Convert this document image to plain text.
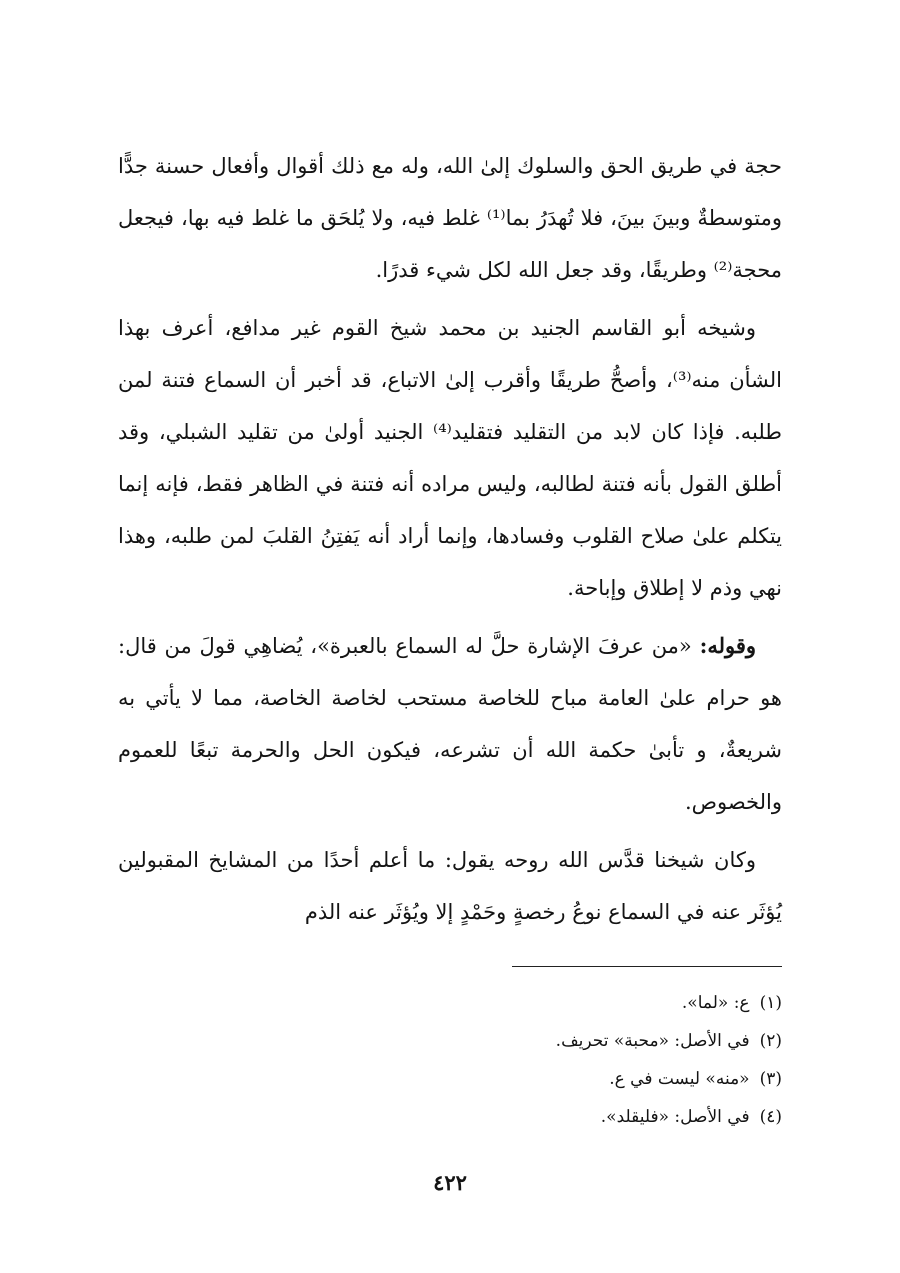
حجة في طريق الحق والسلوك إلىٰ الله، وله مع ذلك أقوال وأفعال حسنة جدًّا ومتوسطةٌ وبينَ بينَ، فلا تُهدَرُ بما⁽¹⁾ غلط فيه، ولا يُلحَق ما غلط فيه بها، فيجعل محجة⁽²⁾ وطريقًا، وقد جعل الله لكل شيء قدرًا.

وشيخه أبو القاسم الجنيد بن محمد شيخ القوم غير مدافع، أعرف بهذا الشأن منه⁽³⁾، وأصحُّ طريقًا وأقرب إلىٰ الاتباع، قد أخبر أن السماع فتنة لمن طلبه. فإذا كان لابد من التقليد فتقليد⁽⁴⁾ الجنيد أولىٰ من تقليد الشبلي، وقد أطلق القول بأنه فتنة لطالبه، وليس مراده أنه فتنة في الظاهر فقط، فإنه إنما يتكلم علىٰ صلاح القلوب وفسادها، وإنما أراد أنه يَفتِنُ القلبَ لمن طلبه، وهذا نهي وذم لا إطلاق وإباحة.

وقوله: «من عرفَ الإشارة حلَّ له السماع بالعبرة»، يُضاهِي قولَ من قال: هو حرام علىٰ العامة مباح للخاصة مستحب لخاصة الخاصة، مما لا يأتي به شريعةٌ، و تأبىٰ حكمة الله أن تشرعه، فيكون الحل والحرمة تبعًا للعموم والخصوص.

وكان شيخنا قدَّس الله روحه يقول: ما أعلم أحدًا من المشايخ المقبولين يُؤثَر عنه في السماع نوعُ رخصةٍ وحَمْدٍ إلا ويُؤثَر عنه الذم

(١)ع: «لما».
(٢)في الأصل: «محبة» تحريف.
(٣)«منه» ليست في ع.
(٤)في الأصل: «فليقلد».
٤٢٢
